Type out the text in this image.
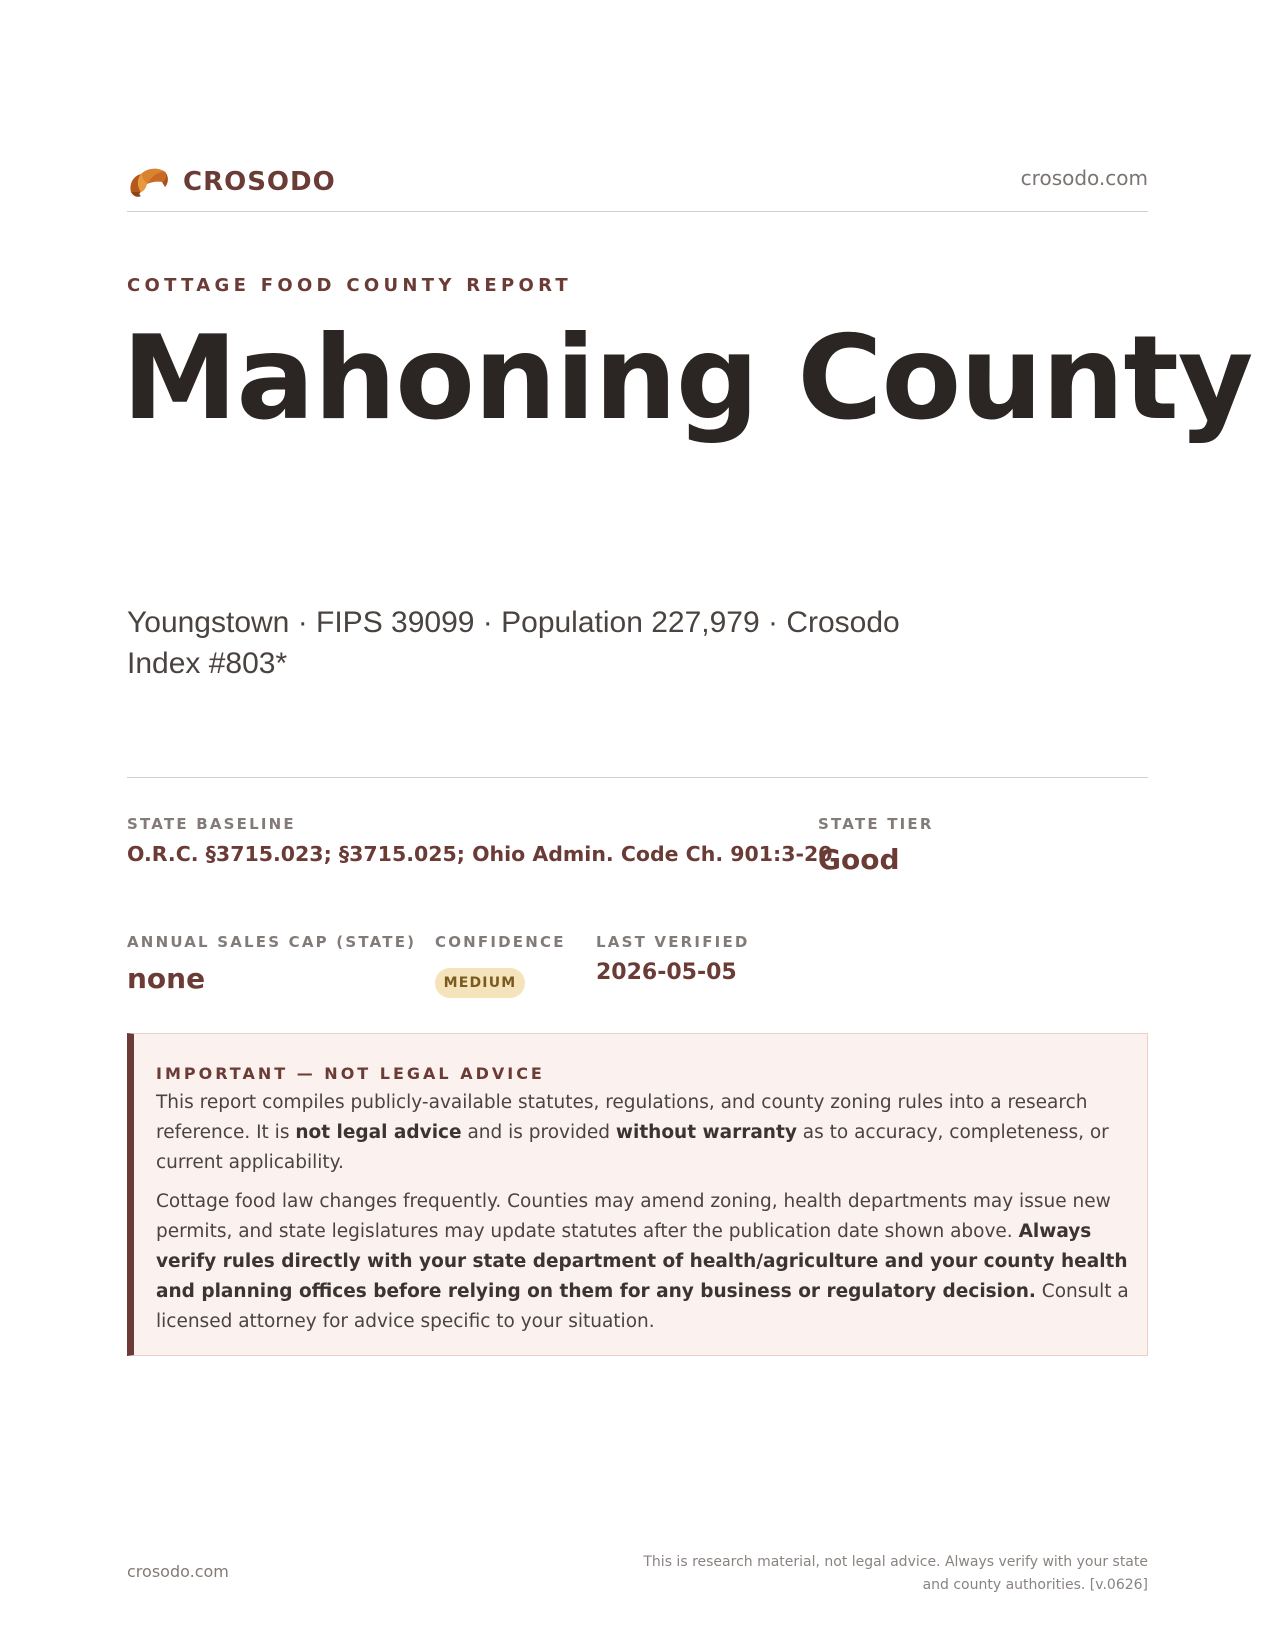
CROSODO	crosodo.com
COTTAGE FOOD COUNTY REPORT
Mahoning County
Youngstown · FIPS 39099 · Population 227,979 · Crosodo Index #803*
STATE BASELINE
O.R.C. §3715.023; §3715.025; Ohio Admin. Code Ch. 901:3-20
STATE TIER
Good
ANNUAL SALES CAP (STATE)
none
CONFIDENCE
MEDIUM
LAST VERIFIED
2026-05-05
IMPORTANT — NOT LEGAL ADVICE

This report compiles publicly-available statutes, regulations, and county zoning rules into a research reference. It is not legal advice and is provided without warranty as to accuracy, completeness, or current applicability.

Cottage food law changes frequently. Counties may amend zoning, health departments may issue new permits, and state legislatures may update statutes after the publication date shown above. Always verify rules directly with your state department of health/agriculture and your county health and planning offices before relying on them for any business or regulatory decision. Consult a licensed attorney for advice specific to your situation.

crosodo.com	This is research material, not legal advice. Always verify with your state
and county authorities. [v.0626]
